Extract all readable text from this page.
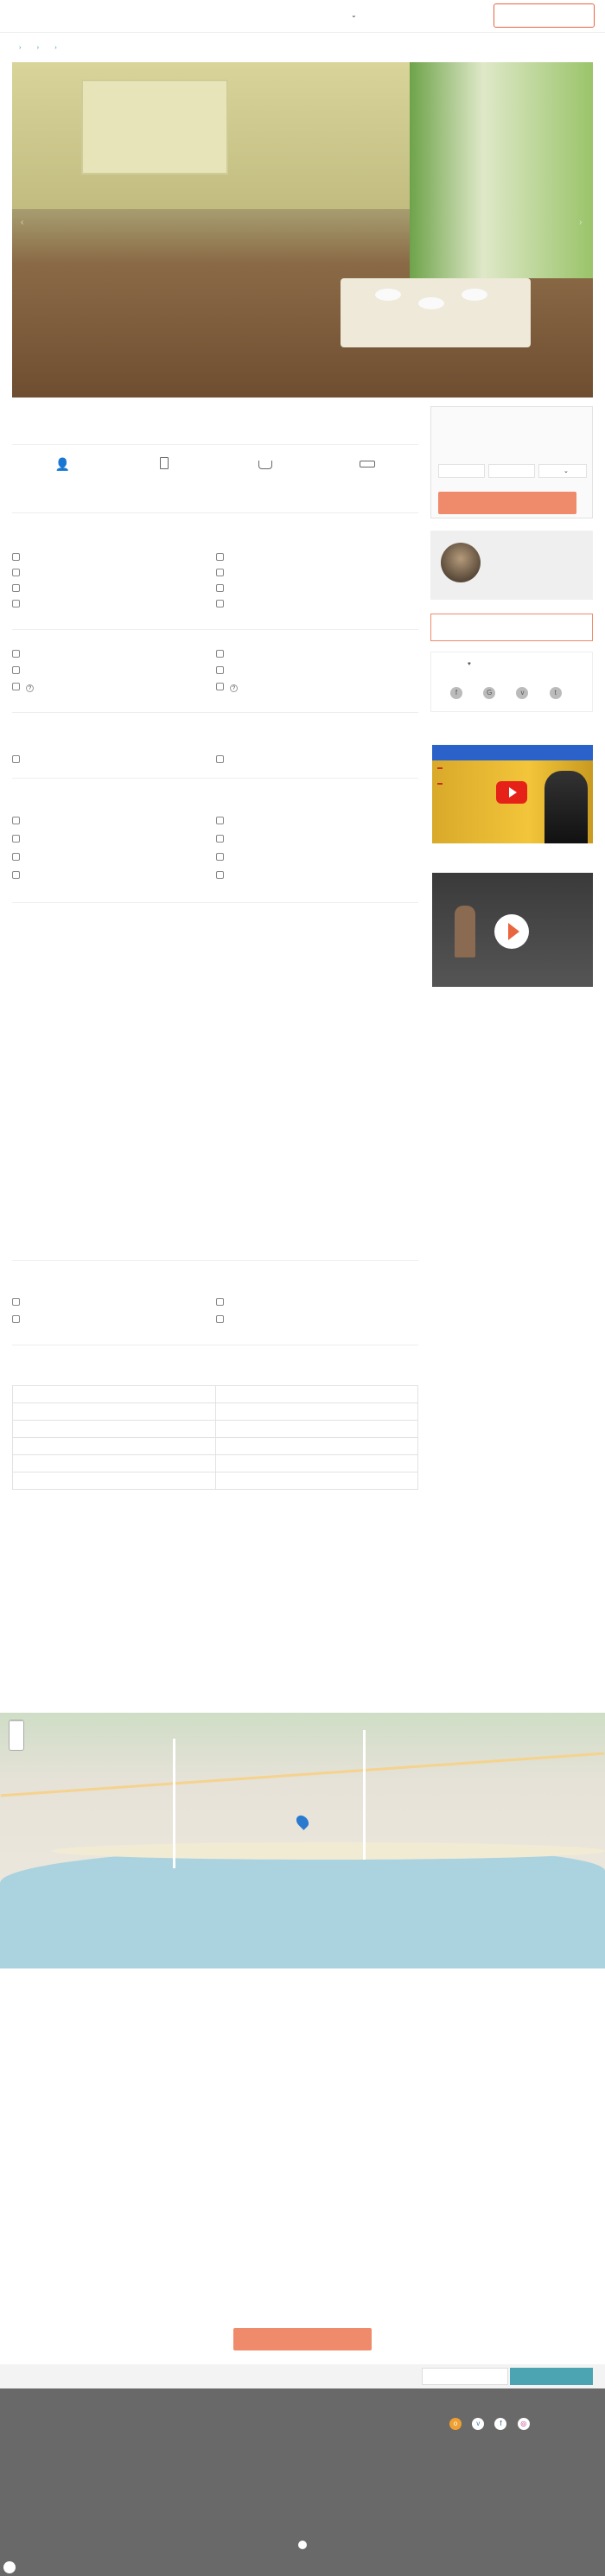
⌄
› › ›
‹	›
👤
⌄
♥
f	G	v	t
?	?

o	v	f	◎
